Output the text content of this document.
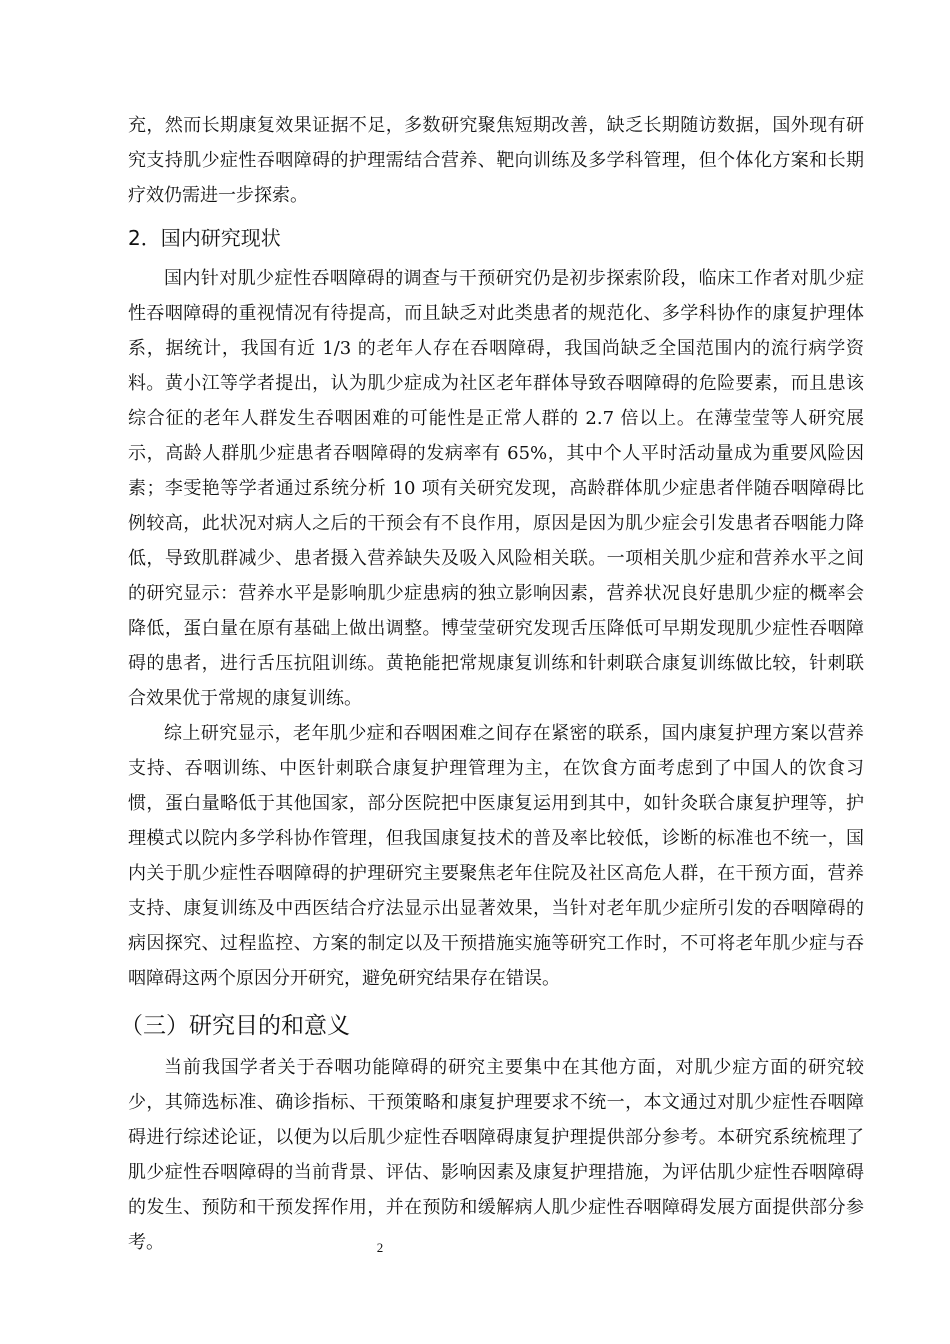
充，然而长期康复效果证据不足，多数研究聚焦短期改善，缺乏长期随访数据，国外现有研究支持肌少症性吞咽障碍的护理需结合营养、靶向训练及多学科管理，但个体化方案和长期疗效仍需进一步探索。

2．国内研究现状

国内针对肌少症性吞咽障碍的调查与干预研究仍是初步探索阶段，临床工作者对肌少症性吞咽障碍的重视情况有待提高，而且缺乏对此类患者的规范化、多学科协作的康复护理体系，据统计，我国有近 1/3 的老年人存在吞咽障碍，我国尚缺乏全国范围内的流行病学资料。黄小江等学者提出，认为肌少症成为社区老年群体导致吞咽障碍的危险要素，而且患该综合征的老年人群发生吞咽困难的可能性是正常人群的 2.7 倍以上。在薄莹莹等人研究展示，高龄人群肌少症患者吞咽障碍的发病率有 65%，其中个人平时活动量成为重要风险因素；李雯艳等学者通过系统分析 10 项有关研究发现，高龄群体肌少症患者伴随吞咽障碍比例较高，此状况对病人之后的干预会有不良作用，原因是因为肌少症会引发患者吞咽能力降低，导致肌群减少、患者摄入营养缺失及吸入风险相关联。一项相关肌少症和营养水平之间的研究显示：营养水平是影响肌少症患病的独立影响因素，营养状况良好患肌少症的概率会降低，蛋白量在原有基础上做出调整。博莹莹研究发现舌压降低可早期发现肌少症性吞咽障碍的患者，进行舌压抗阻训练。黄艳能把常规康复训练和针刺联合康复训练做比较，针刺联合效果优于常规的康复训练。

综上研究显示，老年肌少症和吞咽困难之间存在紧密的联系，国内康复护理方案以营养支持、吞咽训练、中医针刺联合康复护理管理为主，在饮食方面考虑到了中国人的饮食习惯，蛋白量略低于其他国家，部分医院把中医康复运用到其中，如针灸联合康复护理等，护理模式以院内多学科协作管理，但我国康复技术的普及率比较低，诊断的标准也不统一，国内关于肌少症性吞咽障碍的护理研究主要聚焦老年住院及社区高危人群，在干预方面，营养支持、康复训练及中西医结合疗法显示出显著效果，当针对老年肌少症所引发的吞咽障碍的病因探究、过程监控、方案的制定以及干预措施实施等研究工作时，不可将老年肌少症与吞咽障碍这两个原因分开研究，避免研究结果存在错误。

（三）研究目的和意义

当前我国学者关于吞咽功能障碍的研究主要集中在其他方面，对肌少症方面的研究较少，其筛选标准、确诊指标、干预策略和康复护理要求不统一，本文通过对肌少症性吞咽障碍进行综述论证，以便为以后肌少症性吞咽障碍康复护理提供部分参考。本研究系统梳理了肌少症性吞咽障碍的当前背景、评估、影响因素及康复护理措施，为评估肌少症性吞咽障碍的发生、预防和干预发挥作用，并在预防和缓解病人肌少症性吞咽障碍发展方面提供部分参考。	2
